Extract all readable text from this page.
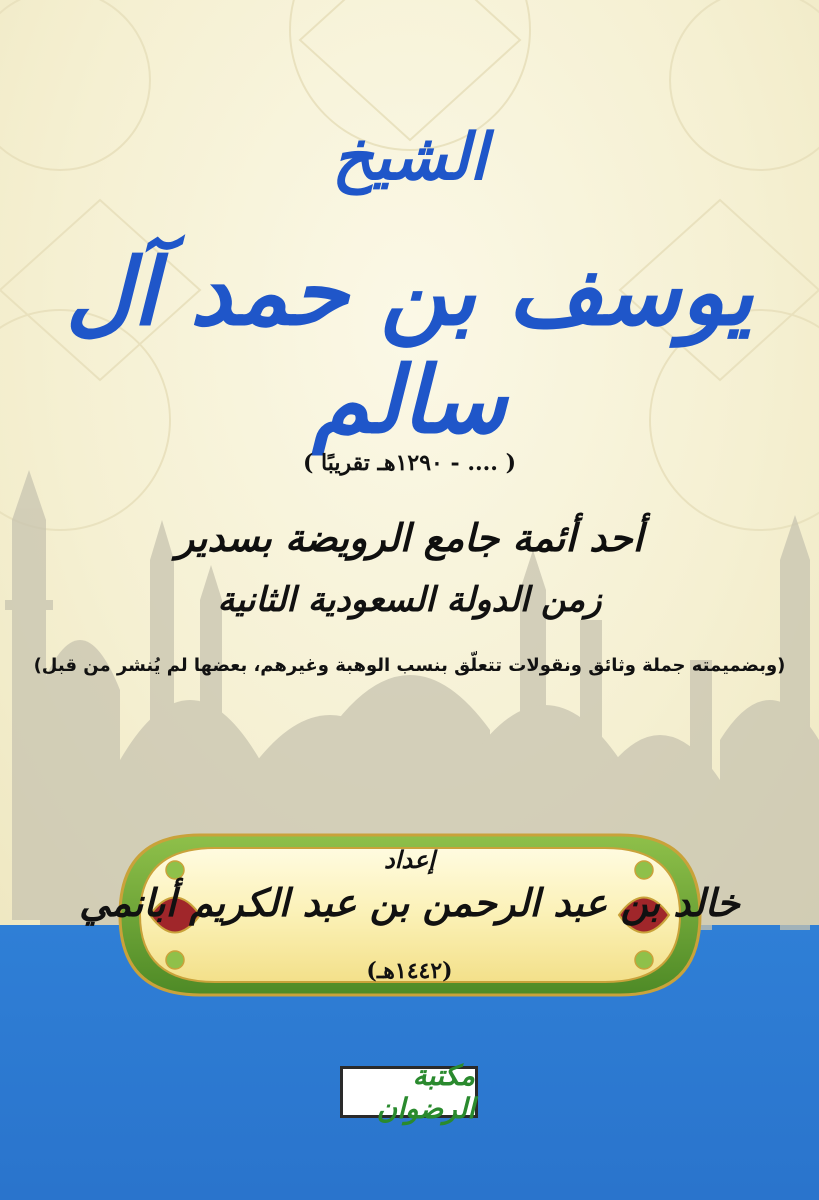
الشيخ
يوسف بن حمد آل سالم
( .... - ١٢٩٠هـ تقريبًا )
أحد أئمة جامع الرويضة بسدير
زمن الدولة السعودية الثانية
(وبضميمته جملة وثائق ونقولات تتعلّق بنسب الوهبة وغيرهم، بعضها لم يُنشر من قبل)
إعداد
خالد بن عبد الرحمن بن عبد الكريم أبانمي
(١٤٤٢هـ)
مكتبة الرضوان
